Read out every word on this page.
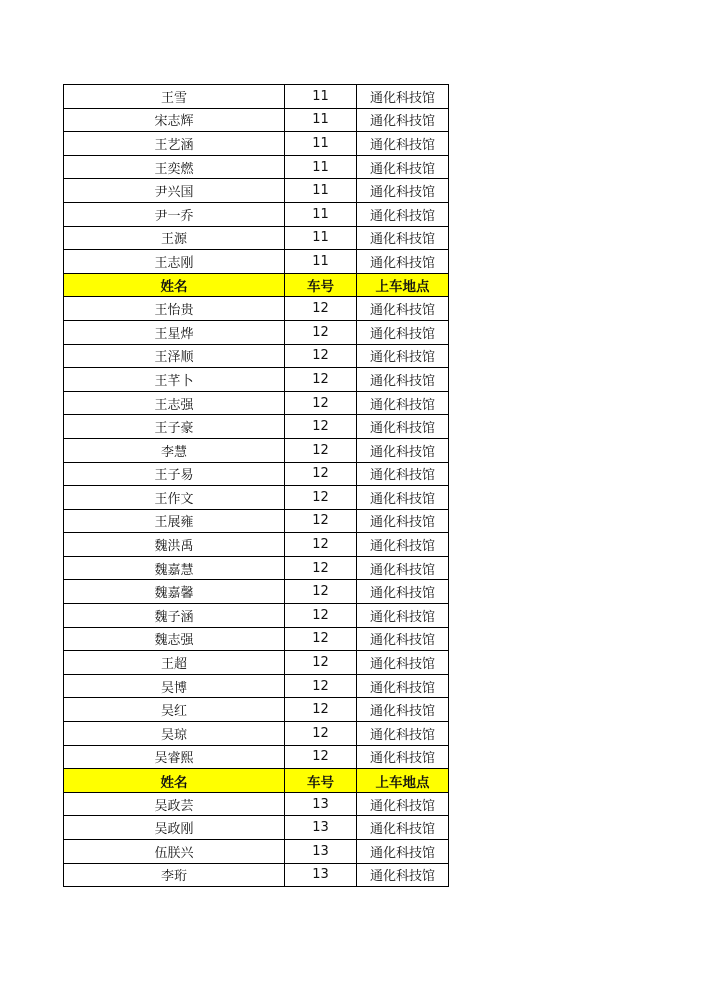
王雪	11	通化科技馆
宋志辉	11	通化科技馆
王艺涵	11	通化科技馆
王奕燃	11	通化科技馆
尹兴国	11	通化科技馆
尹一乔	11	通化科技馆
王源	11	通化科技馆
王志刚	11	通化科技馆
姓名	车号	上车地点
王怡贵	12	通化科技馆
王星烨	12	通化科技馆
王泽顺	12	通化科技馆
王芊卜	12	通化科技馆
王志强	12	通化科技馆
王子豪	12	通化科技馆
李慧	12	通化科技馆
王子易	12	通化科技馆
王作文	12	通化科技馆
王展雍	12	通化科技馆
魏洪禹	12	通化科技馆
魏嘉慧	12	通化科技馆
魏嘉馨	12	通化科技馆
魏子涵	12	通化科技馆
魏志强	12	通化科技馆
王超	12	通化科技馆
吴博	12	通化科技馆
吴红	12	通化科技馆
吴琼	12	通化科技馆
吴睿熙	12	通化科技馆
姓名	车号	上车地点
吴政芸	13	通化科技馆
吴政刚	13	通化科技馆
伍朕兴	13	通化科技馆
李珩	13	通化科技馆
